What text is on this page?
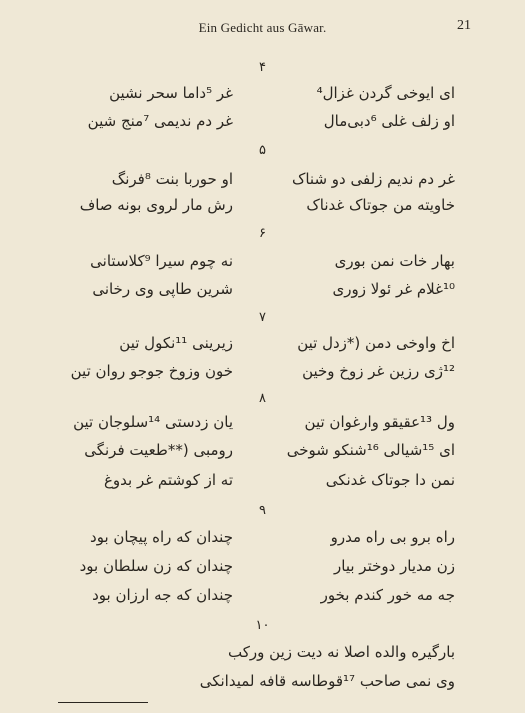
Ein Gedicht aus Gāwar.	21
۴
ای ایوخی گردن غزال⁴
غر ⁵داما سحر نشین
او زلف غلی ⁶دبی‌مال
غر دم ندیمی ⁷منج شین
۵
غر دم ندیم زلفی دو شناک
او حوربا بنت ⁸فرنگ
خاویته من جوتاک غدناک
رش مار لروی بونه صاف
۶
بهار خات نمن بوری
نه چوم سیرا ⁹کلاستانی
¹⁰غلام غر ئولا زوری
شرین طاپی وی رخانی
۷
اخ واوخی دمن (*زدل تین
زیرینی ¹¹نکول تین
¹²ژی رزین غر زوخ وخین
خون وزوخ جوجو روان تین
۸
ول ¹³عقیقو وارغوان تین
یان زدستی ¹⁴سلوجان تین
ای ¹⁵شیالی ¹⁶شنکو شوخی
رومبی (**طعیت فرنگی
نمن دا جوتاک غدنکی
ته از کوشتم غر بدوغ
۹
راه برو بی راه مدرو
چندان که راه پیچان بود
زن مدیار دوختر بیار
چندان که زن سلطان بود
جه مه خور کندم بخور
چندان که جه ارزان بود
۱۰
بارگیره والده اصلا نه دیت زین ورکب
وی نمی صاحب ¹⁷قوطاسه قافه لمیدانکی
